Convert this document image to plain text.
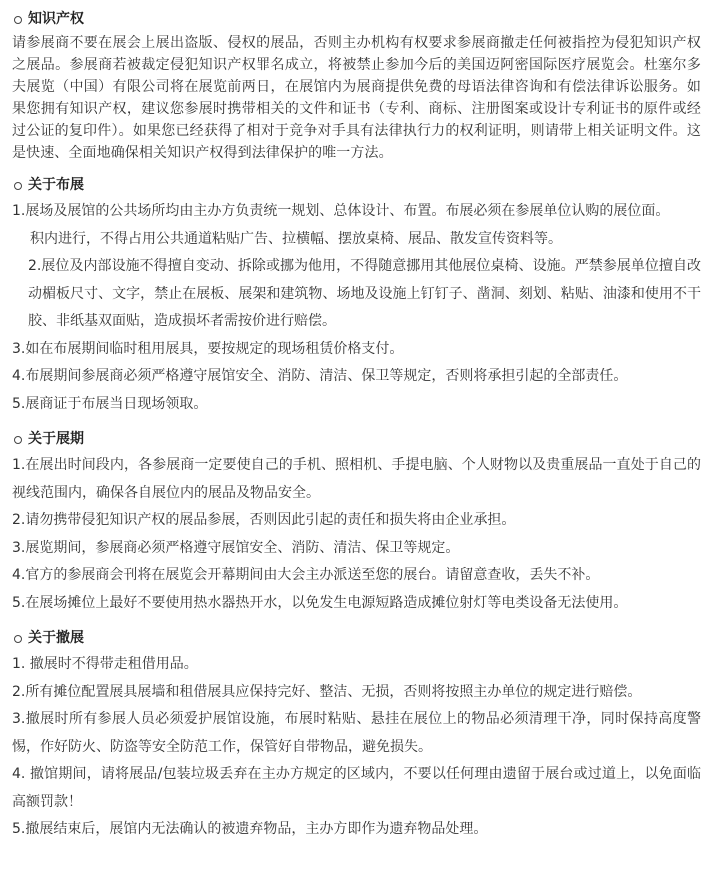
知识产权

请参展商不要在展会上展出盗版、侵权的展品，否则主办机构有权要求参展商撤走任何被指控为侵犯知识产权之展品。参展商若被裁定侵犯知识产权罪名成立，将被禁止参加今后的美国迈阿密国际医疗展览会。杜塞尔多夫展览（中国）有限公司将在展览前两日，在展馆内为展商提供免费的母语法律咨询和有偿法律诉讼服务。如果您拥有知识产权，建议您参展时携带相关的文件和证书（专利、商标、注册图案或设计专利证书的原件或经过公证的复印件）。如果您已经获得了相对于竞争对手具有法律执行力的权利证明，则请带上相关证明文件。这是快速、全面地确保相关知识产权得到法律保护的唯一方法。

关于布展

1.展场及展馆的公共场所均由主办方负责统一规划、总体设计、布置。布展必须在参展单位认购的展位面。

积内进行，不得占用公共通道粘贴广告、拉横幅、摆放桌椅、展品、散发宣传资料等。

2.展位及内部设施不得擅自变动、拆除或挪为他用，不得随意挪用其他展位桌椅、设施。严禁参展单位擅自改动楣板尺寸、文字，禁止在展板、展架和建筑物、场地及设施上钉钉子、凿洞、刻划、粘贴、油漆和使用不干胶、非纸基双面贴，造成损坏者需按价进行赔偿。

3.如在布展期间临时租用展具，要按规定的现场租赁价格支付。

4.布展期间参展商必须严格遵守展馆安全、消防、清洁、保卫等规定，否则将承担引起的全部责任。

5.展商证于布展当日现场领取。

关于展期

1.在展出时间段内，各参展商一定要使自己的手机、照相机、手提电脑、个人财物以及贵重展品一直处于自己的视线范围内，确保各自展位内的展品及物品安全。

2.请勿携带侵犯知识产权的展品参展，否则因此引起的责任和损失将由企业承担。

3.展览期间，参展商必须严格遵守展馆安全、消防、清洁、保卫等规定。

4.官方的参展商会刊将在展览会开幕期间由大会主办派送至您的展台。请留意查收，丢失不补。

5.在展场摊位上最好不要使用热水器热开水，以免发生电源短路造成摊位射灯等电类设备无法使用。

关于撤展

1. 撤展时不得带走租借用品。

2.所有摊位配置展具展墙和租借展具应保持完好、整洁、无损，否则将按照主办单位的规定进行赔偿。

3.撤展时所有参展人员必须爱护展馆设施，布展时粘贴、悬挂在展位上的物品必须清理干净，同时保持高度警惕，作好防火、防盗等安全防范工作，保管好自带物品，避免损失。

4. 撤馆期间，请将展品/包装垃圾丢弃在主办方规定的区域内，不要以任何理由遗留于展台或过道上，以免面临高额罚款！

5.撤展结束后，展馆内无法确认的被遗弃物品，主办方即作为遗弃物品处理。
